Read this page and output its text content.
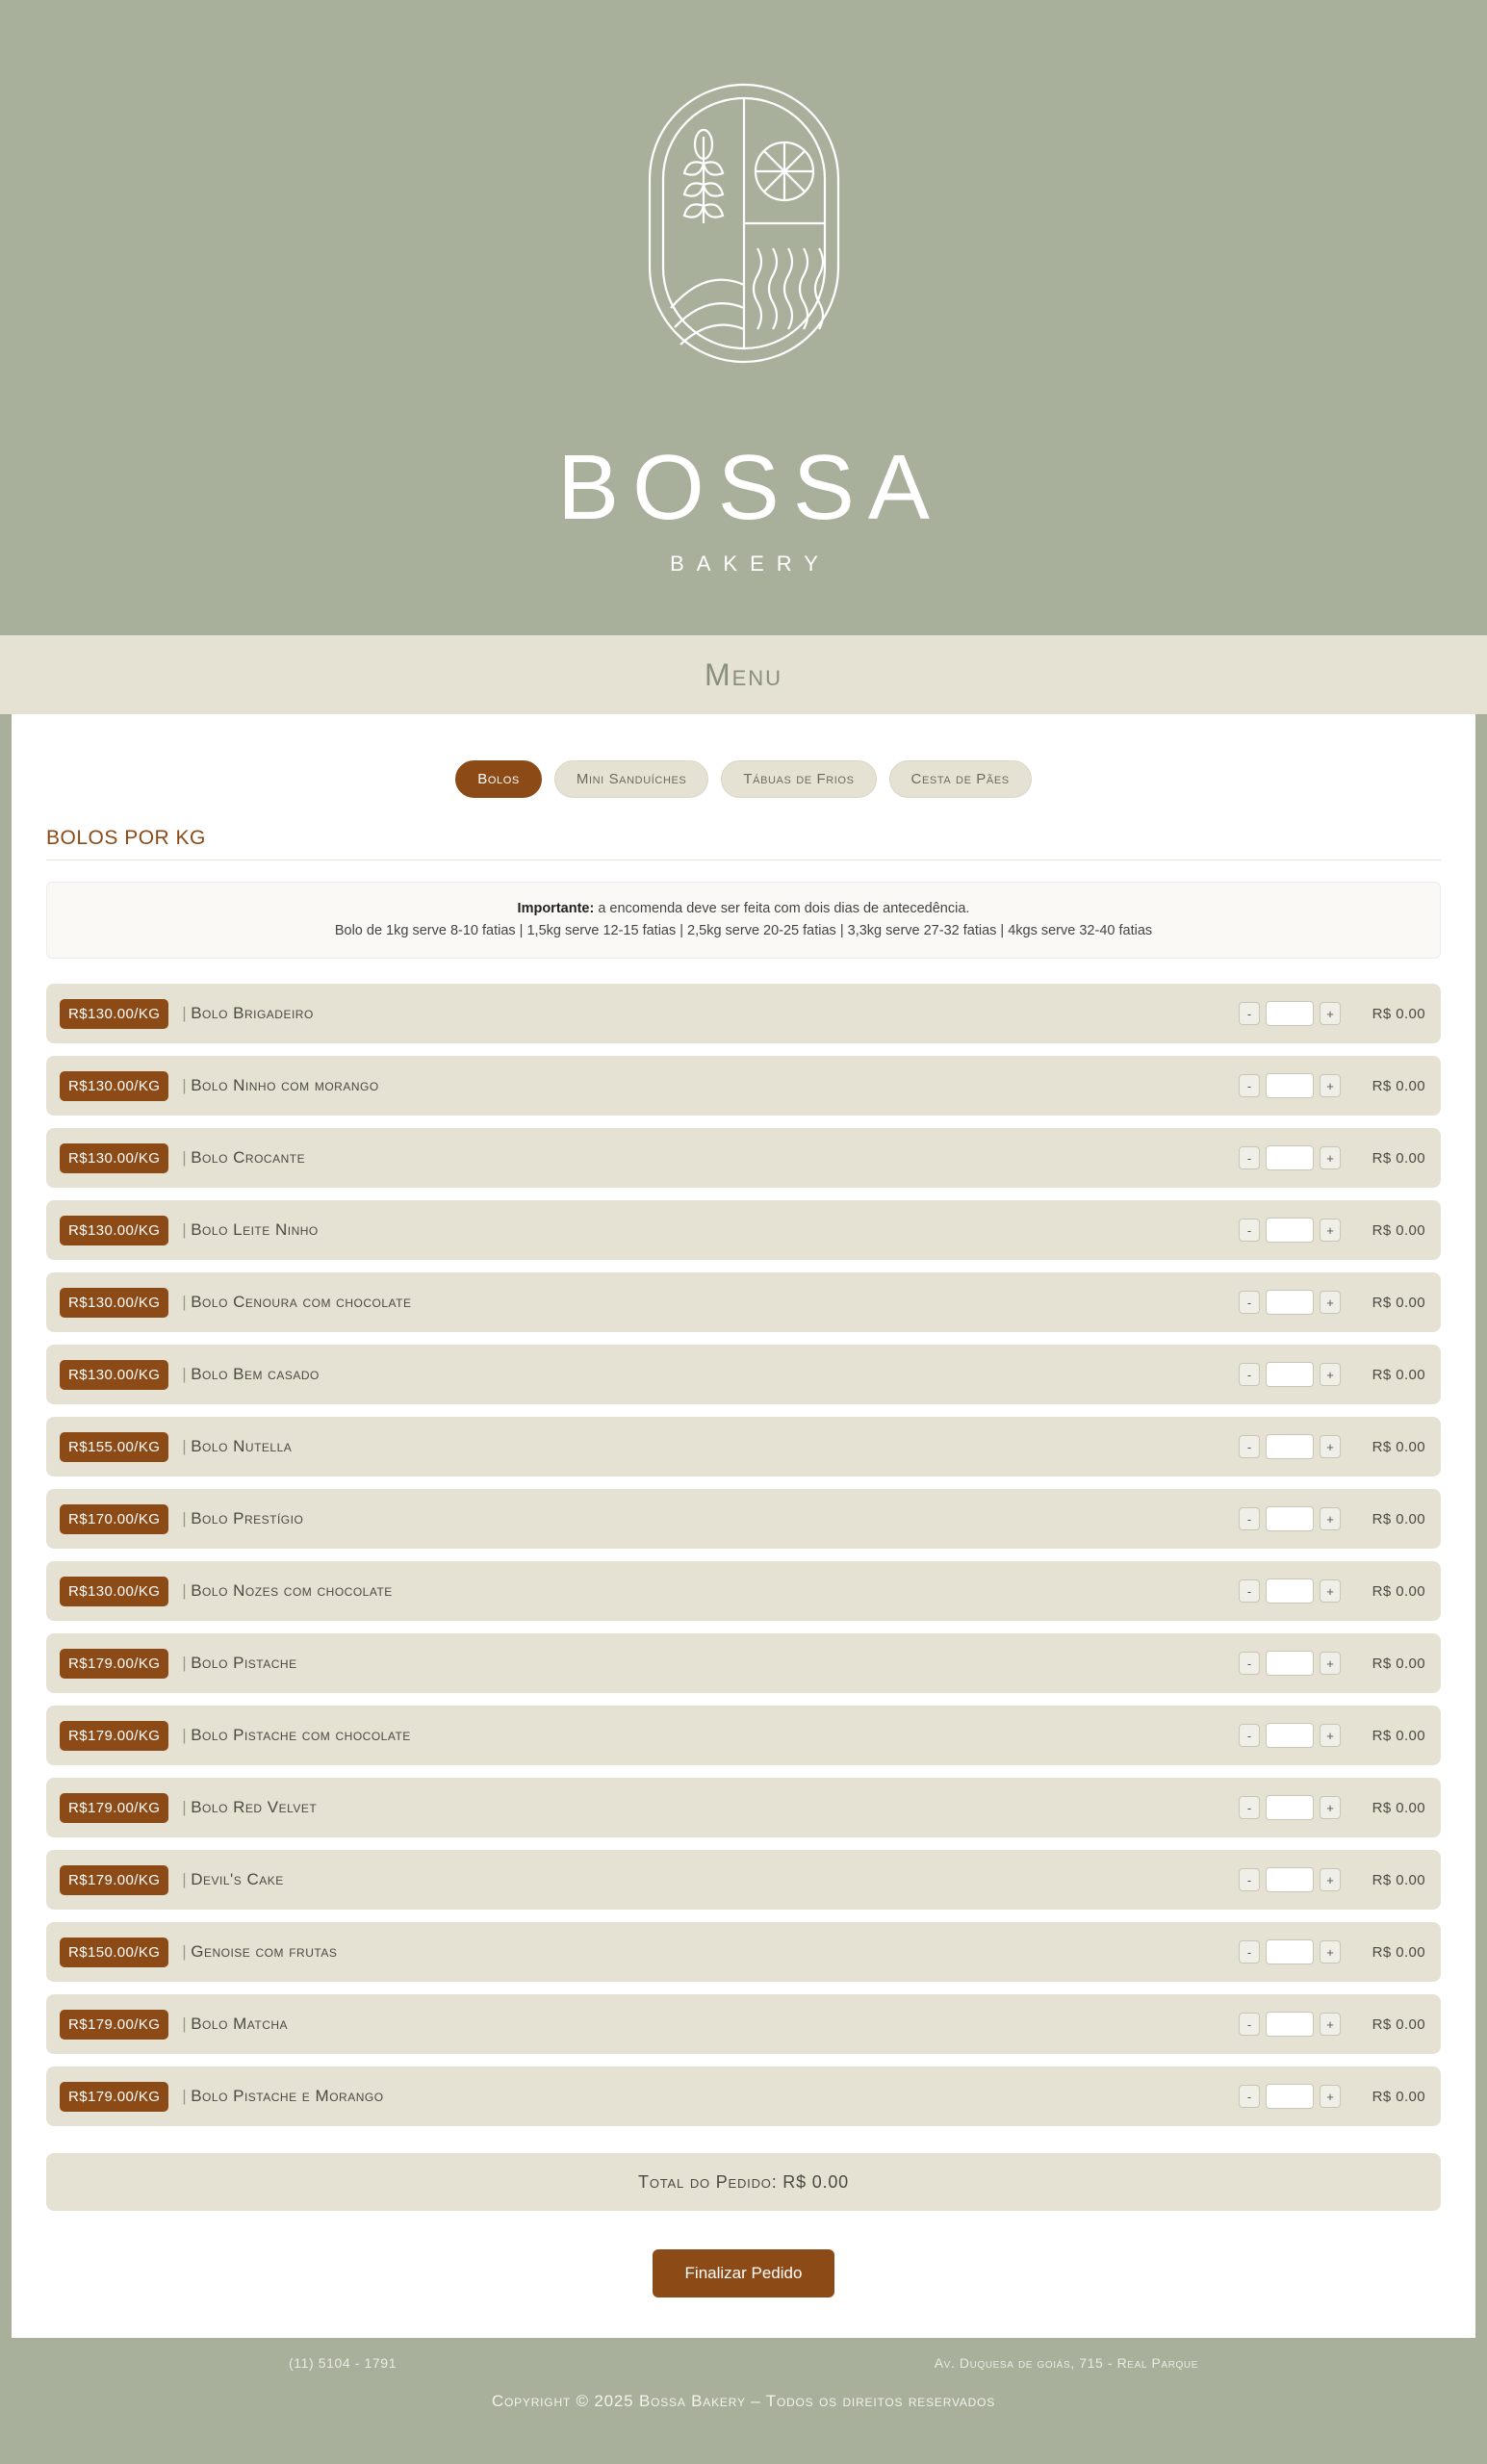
BOSSA
BAKERY
Menu
Bolos	Mini Sanduíches	Tábuas de Frios	Cesta de Pães
BOLOS POR KG
Importante: a encomenda deve ser feita com dois dias de antecedência.
Bolo de 1kg serve 8-10 fatias | 1,5kg serve 12-15 fatias | 2,5kg serve 20-25 fatias | 3,3kg serve 27-32 fatias | 4kgs serve 32-40 fatias
R$130.00/KG	| Bolo Brigadeiro	-	+	R$ 0.00
R$130.00/KG	| Bolo Ninho com morango	-	+	R$ 0.00
R$130.00/KG	| Bolo Crocante	-	+	R$ 0.00
R$130.00/KG	| Bolo Leite Ninho	-	+	R$ 0.00
R$130.00/KG	| Bolo Cenoura com chocolate	-	+	R$ 0.00
R$130.00/KG	| Bolo Bem casado	-	+	R$ 0.00
R$155.00/KG	| Bolo Nutella	-	+	R$ 0.00
R$170.00/KG	| Bolo Prestígio	-	+	R$ 0.00
R$130.00/KG	| Bolo Nozes com chocolate	-	+	R$ 0.00
R$179.00/KG	| Bolo Pistache	-	+	R$ 0.00
R$179.00/KG	| Bolo Pistache com chocolate	-	+	R$ 0.00
R$179.00/KG	| Bolo Red Velvet	-	+	R$ 0.00
R$179.00/KG	| Devil's Cake	-	+	R$ 0.00
R$150.00/KG	| Genoise com frutas	-	+	R$ 0.00
R$179.00/KG	| Bolo Matcha	-	+	R$ 0.00
R$179.00/KG	| Bolo Pistache e Morango	-	+	R$ 0.00
Total do Pedido: R$ 0.00
Finalizar Pedido
(11) 5104 - 1791	Av. Duquesa de goiás, 715 - Real Parque
Copyright © 2025 Bossa Bakery – Todos os direitos reservados
